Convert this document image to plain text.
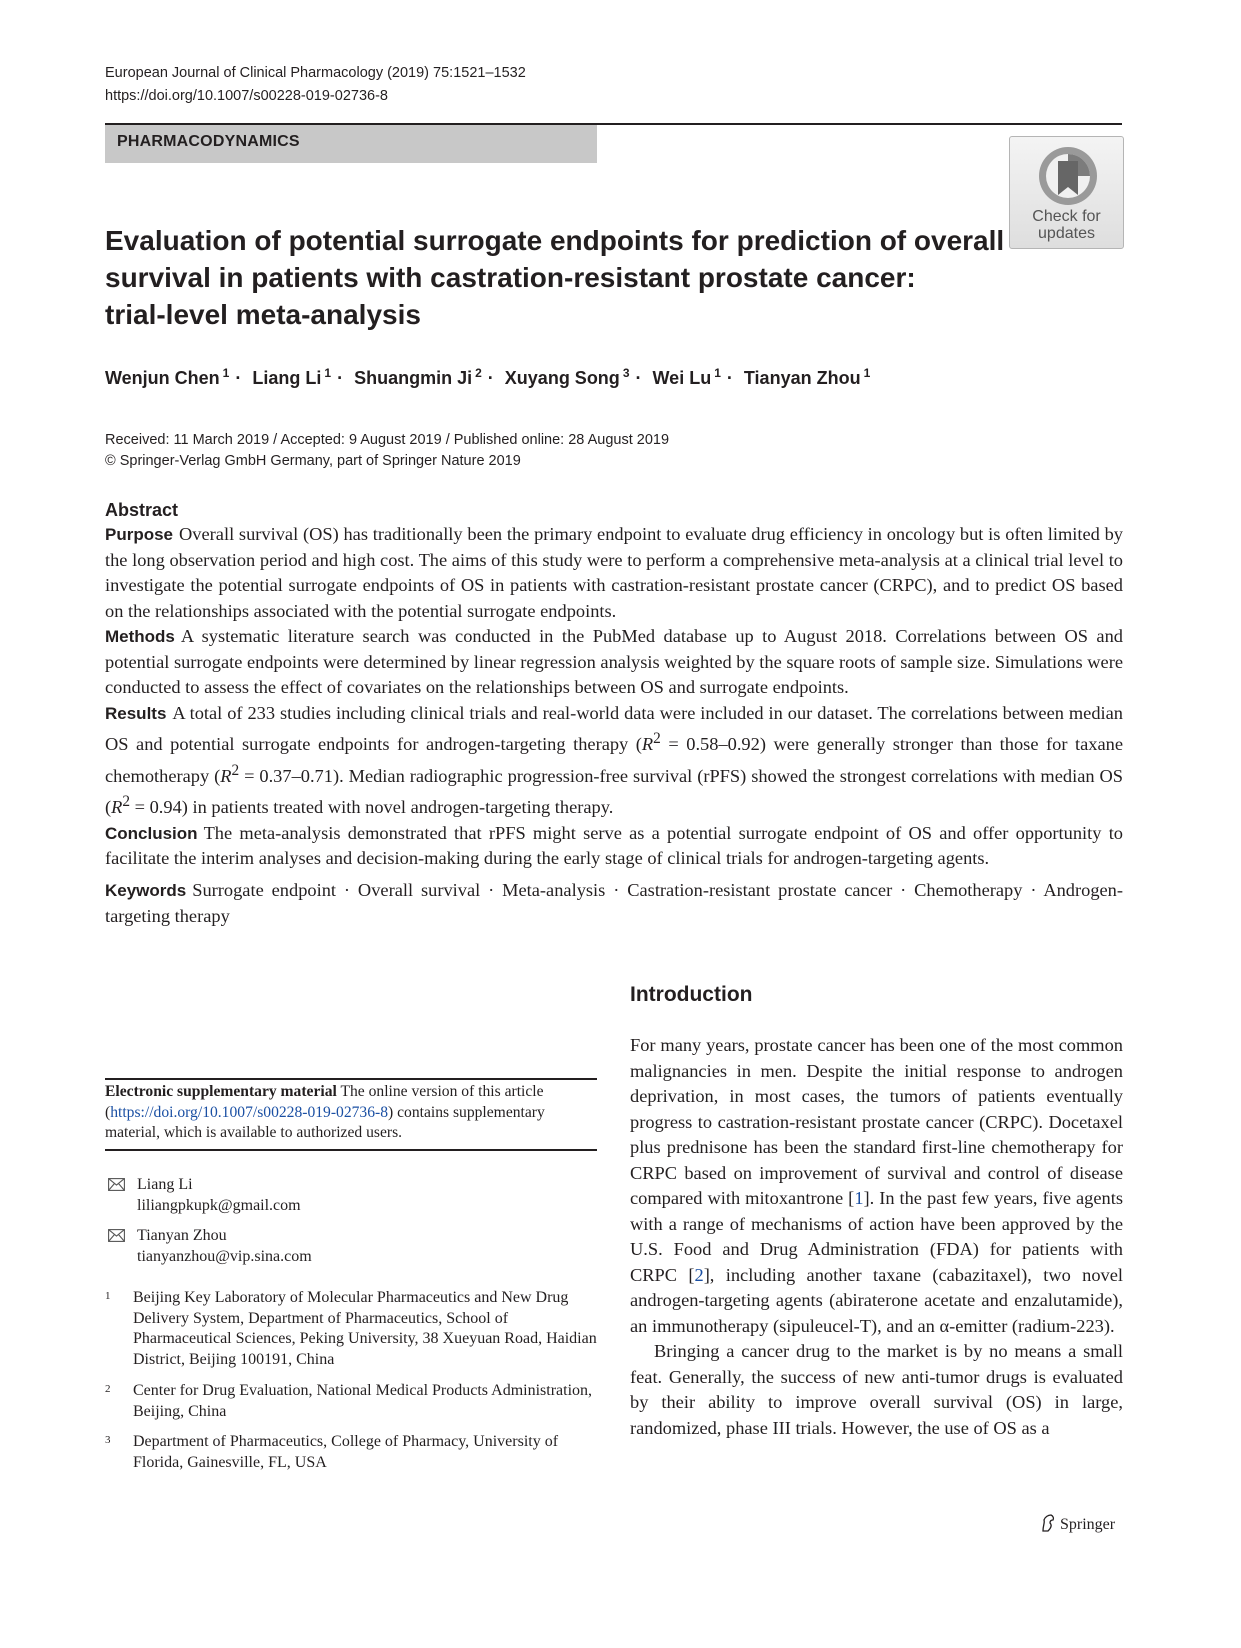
European Journal of Clinical Pharmacology (2019) 75:1521–1532
https://doi.org/10.1007/s00228-019-02736-8
PHARMACODYNAMICS
Check for
updates
Evaluation of potential surrogate endpoints for prediction of overall
survival in patients with castration-resistant prostate cancer:
trial-level meta-analysis
Wenjun Chen $^1$ · Liang Li $^1$ · Shuangmin Ji $^2$ · Xuyang Song $^3$ · Wei Lu $^1$ · Tianyan Zhou $^1$
Received: 11 March 2019 / Accepted: 9 August 2019 / Published online: 28 August 2019
© Springer-Verlag GmbH Germany, part of Springer Nature 2019
Abstract

Purpose Overall survival (OS) has traditionally been the primary endpoint to evaluate drug efficiency in oncology but is often limited by the long observation period and high cost. The aims of this study were to perform a comprehensive meta-analysis at a clinical trial level to investigate the potential surrogate endpoints of OS in patients with castration-resistant prostate cancer (CRPC), and to predict OS based on the relationships associated with the potential surrogate endpoints.

Methods A systematic literature search was conducted in the PubMed database up to August 2018. Correlations between OS and potential surrogate endpoints were determined by linear regression analysis weighted by the square roots of sample size. Simulations were conducted to assess the effect of covariates on the relationships between OS and surrogate endpoints.

Results A total of 233 studies including clinical trials and real-world data were included in our dataset. The correlations between median OS and potential surrogate endpoints for androgen-targeting therapy $(R^2 = 0.58-0.92)$ were generally stronger than those for taxane chemotherapy $(R^2 = 0.37-0.71)$. Median radiographic progression-free survival (rPFS) showed the strongest correlations with median OS $(R^2 = 0.94)$ in patients treated with novel androgen-targeting therapy.

Conclusion The meta-analysis demonstrated that rPFS might serve as a potential surrogate endpoint of OS and offer opportunity to facilitate the interim analyses and decision-making during the early stage of clinical trials for androgen-targeting agents.

Keywords Surrogate endpoint · Overall survival · Meta-analysis · Castration-resistant prostate cancer · Chemotherapy · Androgen-targeting therapy
Electronic supplementary material The online version of this article (https://doi.org/10.1007/s00228-019-02736-8) contains supplementary material, which is available to authorized users.
Liang Li
liliangpkupk@gmail.com
Tianyan Zhou
tianyanzhou@vip.sina.com
1 Beijing Key Laboratory of Molecular Pharmaceutics and New Drug Delivery System, Department of Pharmaceutics, School of Pharmaceutical Sciences, Peking University, 38 Xueyuan Road, Haidian District, Beijing 100191, China
2 Center for Drug Evaluation, National Medical Products Administration, Beijing, China
3 Department of Pharmaceutics, College of Pharmacy, University of Florida, Gainesville, FL, USA
Introduction

For many years, prostate cancer has been one of the most common malignancies in men. Despite the initial response to androgen deprivation, in most cases, the tumors of patients eventually progress to castration-resistant prostate cancer (CRPC). Docetaxel plus prednisone has been the standard first-line chemotherapy for CRPC based on improvement of survival and control of disease compared with mitoxantrone [1]. In the past few years, five agents with a range of mechanisms of action have been approved by the U.S. Food and Drug Administration (FDA) for patients with CRPC [2], including another taxane (cabazitaxel), two novel androgen-targeting agents (abiraterone acetate and enzalutamide), an immunotherapy (sipuleucel-T), and an α-emitter (radium-223).

Bringing a cancer drug to the market is by no means a small feat. Generally, the success of new anti-tumor drugs is evaluated by their ability to improve overall survival (OS) in large, randomized, phase III trials. However, the use of OS as a

Springer
